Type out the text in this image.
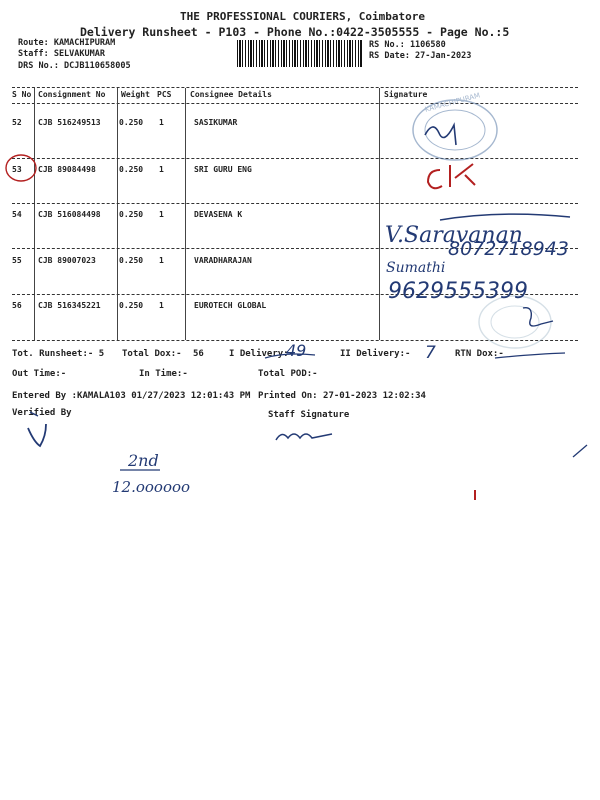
THE PROFESSIONAL COURIERS, Coimbatore
Delivery Runsheet - P103 - Phone No.:0422-3505555 - Page No.:5
Route: KAMACHIPURAM
Staff: SELVAKUMAR
DRS No.: DCJB110658005
RS No.: 1106580
RS Date: 27-Jan-2023
S No Consignment No Weight PCS Consignee Details	Signature
52 CJB 516249513 0.250 1	SASIKUMAR
53 CJB 89084498	0.250 1	SRI GURU ENG
54 CJB 516084498 0.250 1	DEVASENA K
55 CJB 89007023	0.250 1	VARADHARAJAN
56 CJB 516345221 0.250 1	EUROTECH GLOBAL
Tot. Runsheet:- 5 Total Dox:- 56	I Delivery:-	II Delivery:-	RTN Dox:-
Out Time:-	In Time:-	Total POD:-
Entered By :KAMALA103 01/27/2023 12:01:43 PM Printed On: 27-01-2023 12:02:34
Verified By	Staff Signature
KAMACHIPURAM
V.Saravanan
8072718943
Sumathi
9629555399
49	7
2nd
12.oooooo
